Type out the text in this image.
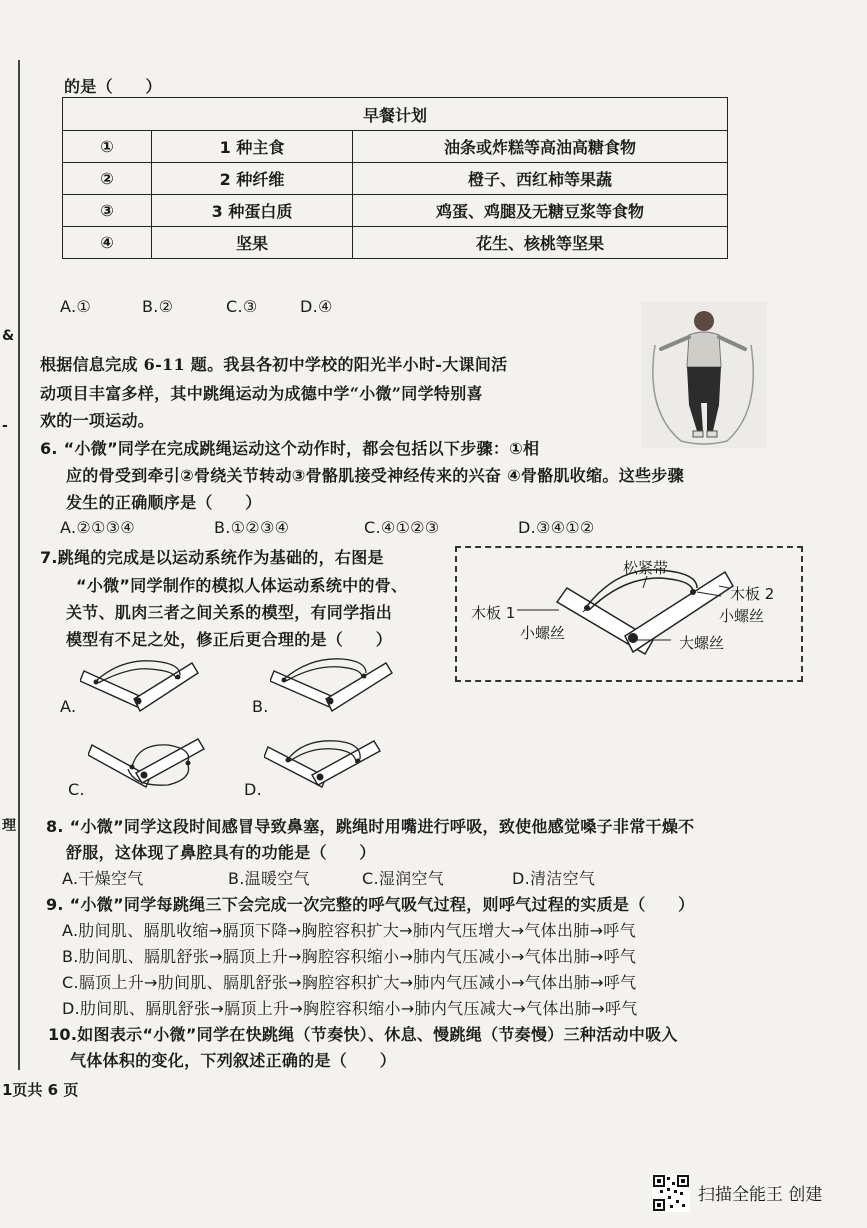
&
-
理
的是（　　）
早餐计划		
①	1 种主食	油条或炸糕等高油高糖食物
②	2 种纤维	橙子、西红柿等果蔬
③	3 种蛋白质	鸡蛋、鸡腿及无糖豆浆等食物
④	坚果	花生、核桃等坚果
A.①	B.②	C.③	D.④
根据信息完成 6-11 题。我县各初中学校的阳光半小时-大课间活
动项目丰富多样，其中跳绳运动为成德中学“小微”同学特别喜
欢的一项运动。
6. “小微”同学在完成跳绳运动这个动作时，都会包括以下步骤：①相
应的骨受到牵引②骨绕关节转动③骨骼肌接受神经传来的兴奋 ④骨骼肌收缩。这些步骤
发生的正确顺序是（　　）
A.②①③④	B.①②③④	C.④①②③	D.③④①②
7.跳绳的完成是以运动系统作为基础的，右图是
“小微”同学制作的模拟人体运动系统中的骨、
关节、肌肉三者之间关系的模型，有同学指出
模型有不足之处，修正后更合理的是（　　）
松紧带
木板 2
木板 1	小螺丝
小螺丝
大螺丝
A.	B.
C.	D.
8. “小微”同学这段时间感冒导致鼻塞，跳绳时用嘴进行呼吸，致使他感觉嗓子非常干燥不
舒服，这体现了鼻腔具有的功能是（　　）
A.干燥空气	B.温暖空气	C.湿润空气	D.清洁空气
9. “小微”同学每跳绳三下会完成一次完整的呼气吸气过程，则呼气过程的实质是（　　）
A.肋间肌、膈肌收缩→膈顶下降→胸腔容积扩大→肺内气压增大→气体出肺→呼气
B.肋间肌、膈肌舒张→膈顶上升→胸腔容积缩小→肺内气压减小→气体出肺→呼气
C.膈顶上升→肋间肌、膈肌舒张→胸腔容积扩大→肺内气压减小→气体出肺→呼气
D.肋间肌、膈肌舒张→膈顶上升→胸腔容积缩小→肺内气压减大→气体出肺→呼气
10.如图表示“小微”同学在快跳绳（节奏快）、休息、慢跳绳（节奏慢）三种活动中吸入
气体体积的变化，下列叙述正确的是（　　）
1页共 6 页
扫描全能王 创建
